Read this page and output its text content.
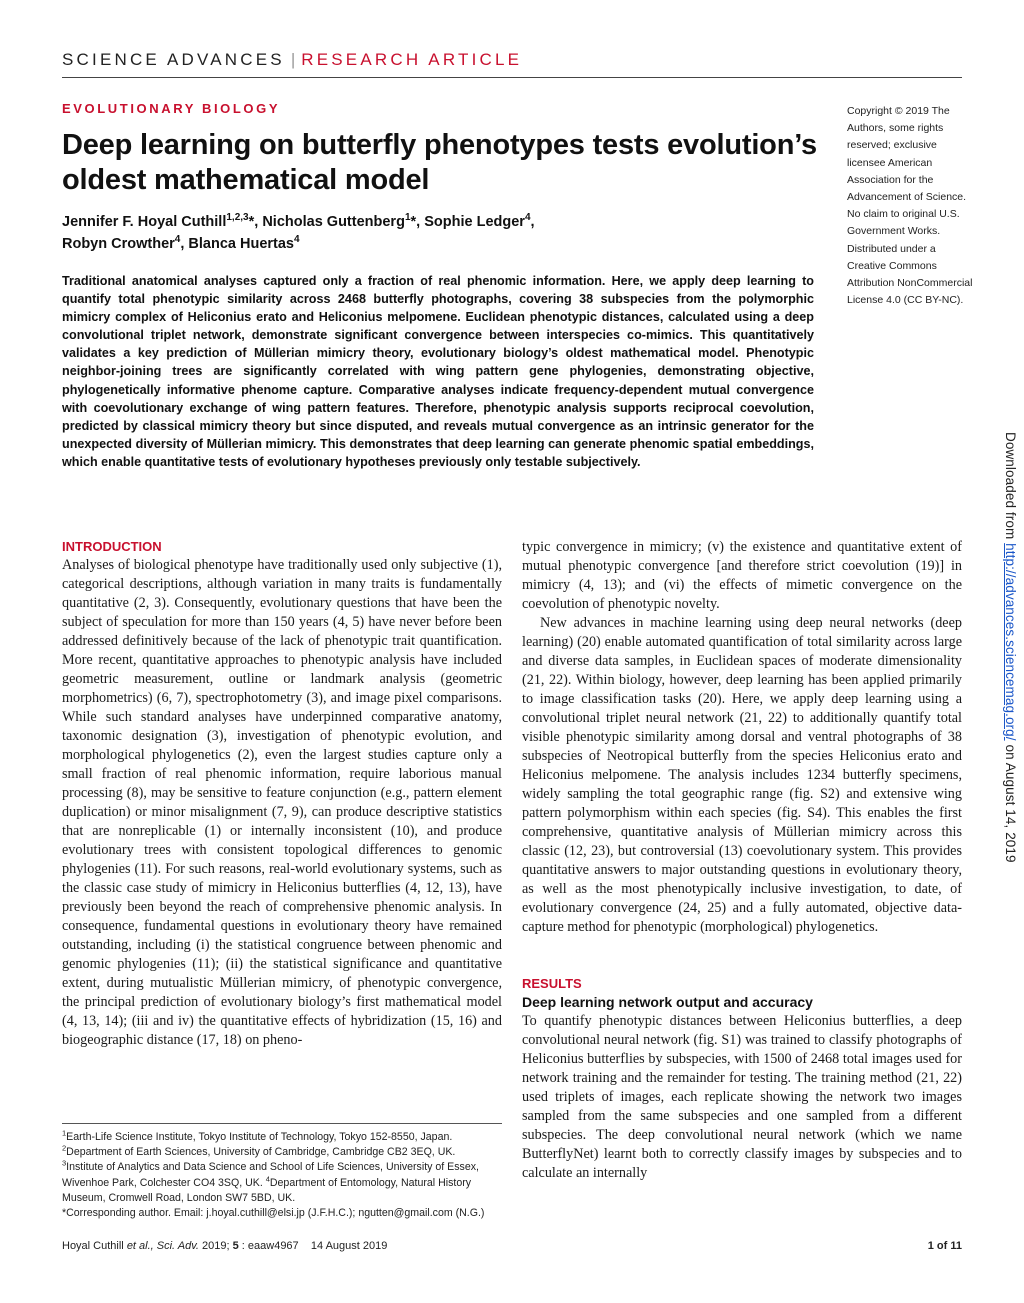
SCIENCE ADVANCES | RESEARCH ARTICLE
EVOLUTIONARY BIOLOGY
Deep learning on butterfly phenotypes tests evolution’s oldest mathematical model
Jennifer F. Hoyal Cuthill$^{1,2,3}$*, Nicholas Guttenberg$^1$*, Sophie Ledger$^4$,
Robyn Crowther$^4$, Blanca Huertas$^4$
Traditional anatomical analyses captured only a fraction of real phenomic information. Here, we apply deep learning to quantify total phenotypic similarity across 2468 butterfly photographs, covering 38 subspecies from the polymorphic mimicry complex of Heliconius erato and Heliconius melpomene. Euclidean phenotypic distances, calculated using a deep convolutional triplet network, demonstrate significant convergence between interspecies co-mimics. This quantitatively validates a key prediction of Müllerian mimicry theory, evolutionary biology’s oldest mathematical model. Phenotypic neighbor-joining trees are significantly correlated with wing pattern gene phylogenies, demonstrating objective, phylogenetically informative phenome capture. Comparative analyses indicate frequency-dependent mutual convergence with coevolutionary exchange of wing pattern features. Therefore, phenotypic analysis supports reciprocal coevolution, predicted by classical mimicry theory but since disputed, and reveals mutual convergence as an intrinsic generator for the unexpected diversity of Müllerian mimicry. This demonstrates that deep learning can generate phenomic spatial embeddings, which enable quantitative tests of evolutionary hypotheses previously only testable subjectively.
Copyright © 2019 The Authors, some rights reserved; exclusive licensee American Association for the Advancement of Science. No claim to original U.S. Government Works. Distributed under a Creative Commons Attribution NonCommercial License 4.0 (CC BY-NC).
Downloaded from http://advances.sciencemag.org/ on August 14, 2019
INTRODUCTION

Analyses of biological phenotype have traditionally used only subjective (1), categorical descriptions, although variation in many traits is fundamentally quantitative (2, 3). Consequently, evolutionary questions that have been the subject of speculation for more than 150 years (4, 5) have never before been addressed definitively because of the lack of phenotypic trait quantification. More recent, quantitative approaches to phenotypic analysis have included geometric measurement, outline or landmark analysis (geometric morphometrics) (6, 7), spectrophotometry (3), and image pixel comparisons. While such standard analyses have underpinned comparative anatomy, taxonomic designation (3), investigation of phenotypic evolution, and morphological phylogenetics (2), even the largest studies capture only a small fraction of real phenomic information, require laborious manual processing (8), may be sensitive to feature conjunction (e.g., pattern element duplication) or minor misalignment (7, 9), can produce descriptive statistics that are nonreplicable (1) or internally inconsistent (10), and produce evolutionary trees with consistent topological differences to genomic phylogenies (11). For such reasons, real-world evolutionary systems, such as the classic case study of mimicry in Heliconius butterflies (4, 12, 13), have previously been beyond the reach of comprehensive phenomic analysis. In consequence, fundamental questions in evolutionary theory have remained outstanding, including (i) the statistical congruence between phenomic and genomic phylogenies (11); (ii) the statistical significance and quantitative extent, during mutualistic Müllerian mimicry, of phenotypic convergence, the principal prediction of evolutionary biology’s first mathematical model (4, 13, 14); (iii and iv) the quantitative effects of hybridization (15, 16) and biogeographic distance (17, 18) on pheno-

typic convergence in mimicry; (v) the existence and quantitative extent of mutual phenotypic convergence [and therefore strict coevolution (19)] in mimicry (4, 13); and (vi) the effects of mimetic convergence on the coevolution of phenotypic novelty.

New advances in machine learning using deep neural networks (deep learning) (20) enable automated quantification of total similarity across large and diverse data samples, in Euclidean spaces of moderate dimensionality (21, 22). Within biology, however, deep learning has been applied primarily to image classification tasks (20). Here, we apply deep learning using a convolutional triplet neural network (21, 22) to additionally quantify total visible phenotypic similarity among dorsal and ventral photographs of 38 subspecies of Neotropical butterfly from the species Heliconius erato and Heliconius melpomene. The analysis includes 1234 butterfly specimens, widely sampling the total geographic range (fig. S2) and extensive wing pattern polymorphism within each species (fig. S4). This enables the first comprehensive, quantitative analysis of Müllerian mimicry across this classic (12, 23), but controversial (13) coevolutionary system. This provides quantitative answers to major outstanding questions in evolutionary theory, as well as the most phenotypically inclusive investigation, to date, of evolutionary convergence (24, 25) and a fully automated, objective data-capture method for phenotypic (morphological) phylogenetics.

RESULTS
Deep learning network output and accuracy

To quantify phenotypic distances between Heliconius butterflies, a deep convolutional neural network (fig. S1) was trained to classify photographs of Heliconius butterflies by subspecies, with 1500 of 2468 total images used for network training and the remainder for testing. The training method (21, 22) used triplets of images, each replicate showing the network two images sampled from the same subspecies and one sampled from a different subspecies. The deep convolutional neural network (which we name ButterflyNet) learnt both to correctly classify images by subspecies and to calculate an internally

$^1$Earth-Life Science Institute, Tokyo Institute of Technology, Tokyo 152-8550, Japan.

$^2$Department of Earth Sciences, University of Cambridge, Cambridge CB2 3EQ, UK.

$^3$Institute of Analytics and Data Science and School of Life Sciences, University of Essex, Wivenhoe Park, Colchester CO4 3SQ, UK. $^4$Department of Entomology, Natural History Museum, Cromwell Road, London SW7 5BD, UK.

*Corresponding author. Email: j.hoyal.cuthill@elsi.jp (J.F.H.C.); ngutten@gmail.com (N.G.)

Hoyal Cuthill et al., Sci. Adv. 2019; 5 : eaaw4967 14 August 2019	1 of 11
